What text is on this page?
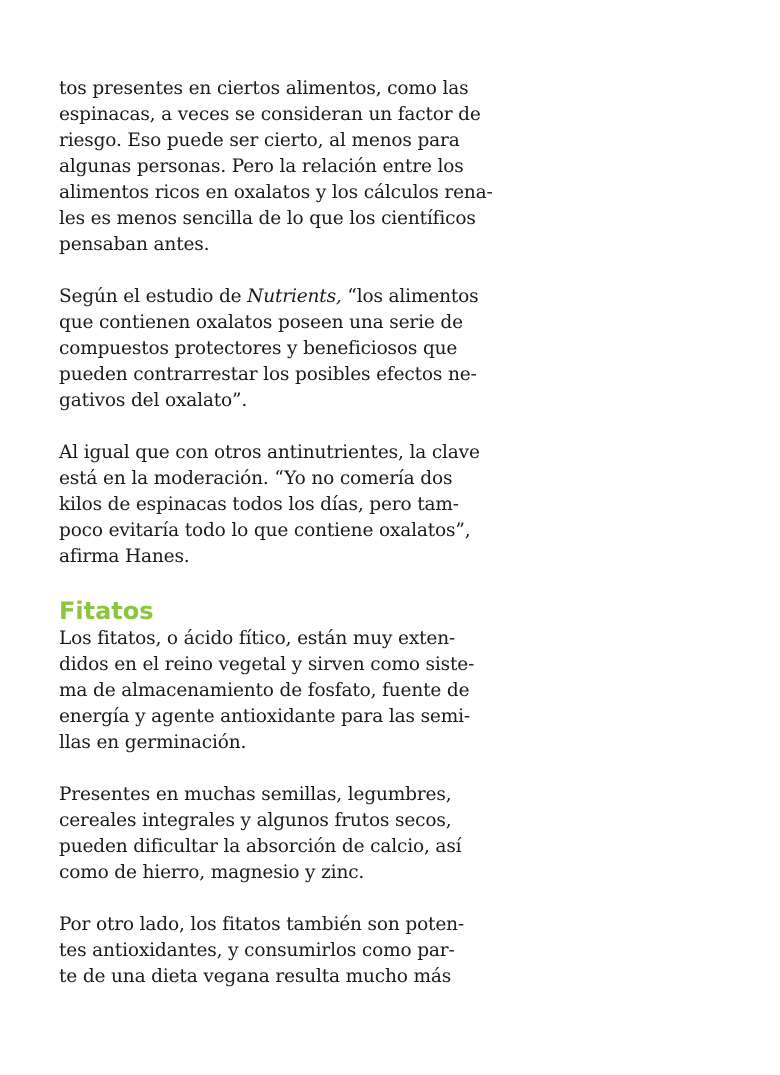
tos presentes en ciertos alimentos, como las
espinacas, a veces se consideran un factor de
riesgo. Eso puede ser cierto, al menos para
algunas personas. Pero la relación entre los
alimentos ricos en oxalatos y los cálculos rena-
les es menos sencilla de lo que los científicos
pensaban antes.

Según el estudio de Nutrients, “los alimentos
que contienen oxalatos poseen una serie de
compuestos protectores y beneficiosos que
pueden contrarrestar los posibles efectos ne-
gativos del oxalato”.

Al igual que con otros antinutrientes, la clave
está en la moderación. “Yo no comería dos
kilos de espinacas todos los días, pero tam-
poco evitaría todo lo que contiene oxalatos”,
afirma Hanes.

Fitatos

Los fitatos, o ácido fítico, están muy exten-
didos en el reino vegetal y sirven como siste-
ma de almacenamiento de fosfato, fuente de
energía y agente antioxidante para las semi-
llas en germinación.

Presentes en muchas semillas, legumbres,
cereales integrales y algunos frutos secos,
pueden dificultar la absorción de calcio, así
como de hierro, magnesio y zinc.

Por otro lado, los fitatos también son poten-
tes antioxidantes, y consumirlos como par-
te de una dieta vegana resulta mucho más
